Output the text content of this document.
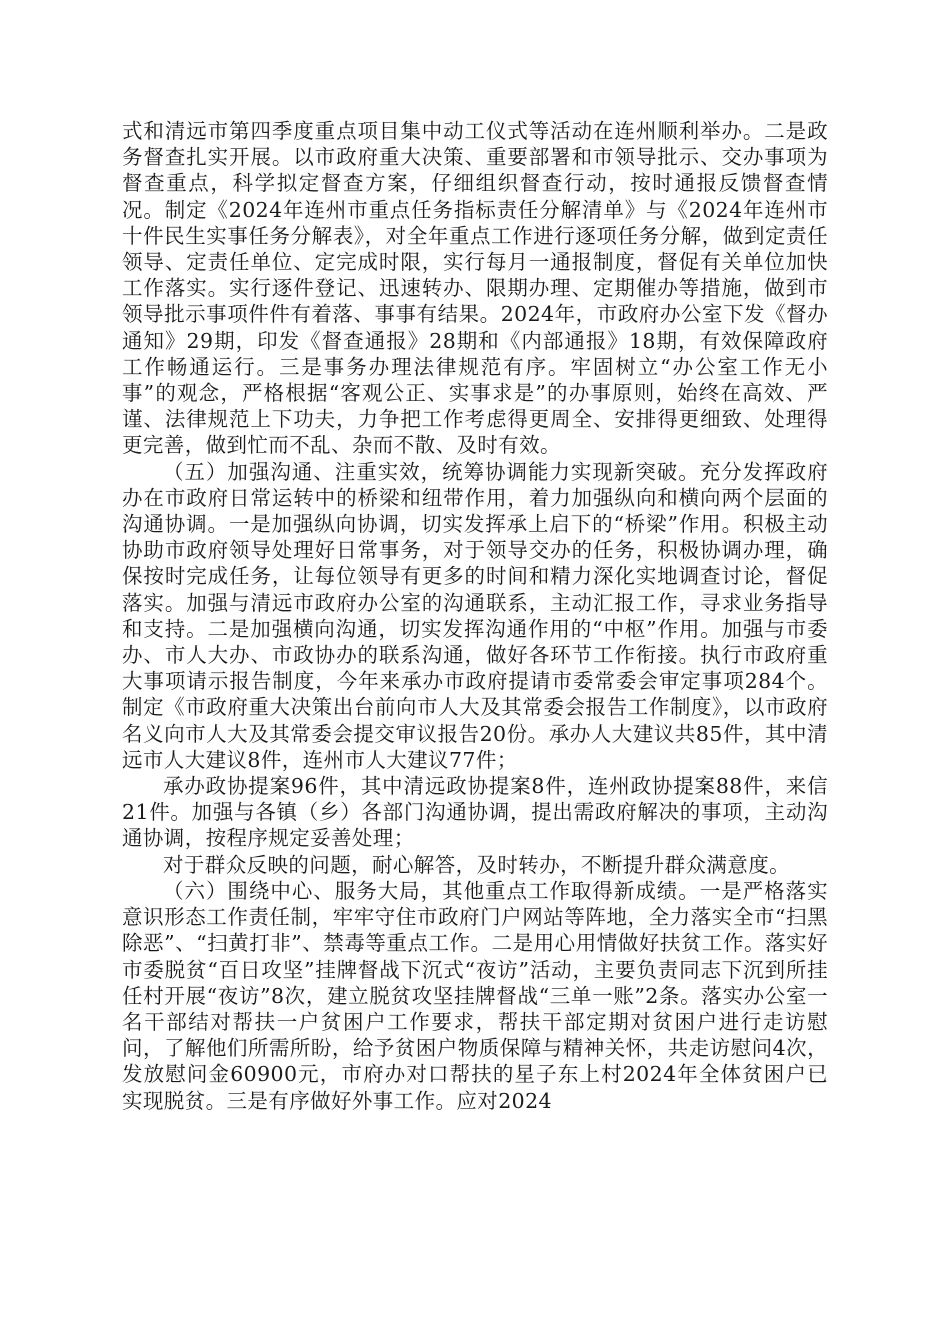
式和清远市第四季度重点项目集中动工仪式等活动在连州顺利举办。二是政务督查扎实开展。以市政府重大决策、重要部署和市领导批示、交办事项为督查重点，科学拟定督查方案，仔细组织督查行动，按时通报反馈督查情况。制定《2024年连州市重点任务指标责任分解清单》与《2024年连州市十件民生实事任务分解表》，对全年重点工作进行逐项任务分解，做到定责任领导、定责任单位、定完成时限，实行每月一通报制度，督促有关单位加快工作落实。实行逐件登记、迅速转办、限期办理、定期催办等措施，做到市领导批示事项件件有着落、事事有结果。2024年，市政府办公室下发《督办通知》29期，印发《督查通报》28期和《内部通报》18期，有效保障政府工作畅通运行。三是事务办理法律规范有序。牢固树立“办公室工作无小事”的观念，严格根据“客观公正、实事求是”的办事原则，始终在高效、严谨、法律规范上下功夫，力争把工作考虑得更周全、安排得更细致、处理得更完善，做到忙而不乱、杂而不散、及时有效。

（五）加强沟通、注重实效，统筹协调能力实现新突破。充分发挥政府办在市政府日常运转中的桥梁和纽带作用，着力加强纵向和横向两个层面的沟通协调。一是加强纵向协调，切实发挥承上启下的“桥梁”作用。积极主动协助市政府领导处理好日常事务，对于领导交办的任务，积极协调办理，确保按时完成任务，让每位领导有更多的时间和精力深化实地调查讨论，督促落实。加强与清远市政府办公室的沟通联系，主动汇报工作，寻求业务指导和支持。二是加强横向沟通，切实发挥沟通作用的“中枢”作用。加强与市委办、市人大办、市政协办的联系沟通，做好各环节工作衔接。执行市政府重大事项请示报告制度，今年来承办市政府提请市委常委会审定事项284个。制定《市政府重大决策出台前向市人大及其常委会报告工作制度》，以市政府名义向市人大及其常委会提交审议报告20份。承办人大建议共85件，其中清远市人大建议8件，连州市人大建议77件；

承办政协提案96件，其中清远政协提案8件，连州政协提案88件，来信21件。加强与各镇（乡）各部门沟通协调，提出需政府解决的事项，主动沟通协调，按程序规定妥善处理；

对于群众反映的问题，耐心解答，及时转办，不断提升群众满意度。

（六）围绕中心、服务大局，其他重点工作取得新成绩。一是严格落实意识形态工作责任制，牢牢守住市政府门户网站等阵地，全力落实全市“扫黑除恶”、“扫黄打非”、禁毒等重点工作。二是用心用情做好扶贫工作。落实好市委脱贫“百日攻坚”挂牌督战下沉式“夜访”活动，主要负责同志下沉到所挂任村开展“夜访”8次，建立脱贫攻坚挂牌督战“三单一账”2条。落实办公室一名干部结对帮扶一户贫困户工作要求，帮扶干部定期对贫困户进行走访慰问，了解他们所需所盼，给予贫困户物质保障与精神关怀，共走访慰问4次，发放慰问金60900元，市府办对口帮扶的星子东上村2024年全体贫困户已实现脱贫。三是有序做好外事工作。应对2024
